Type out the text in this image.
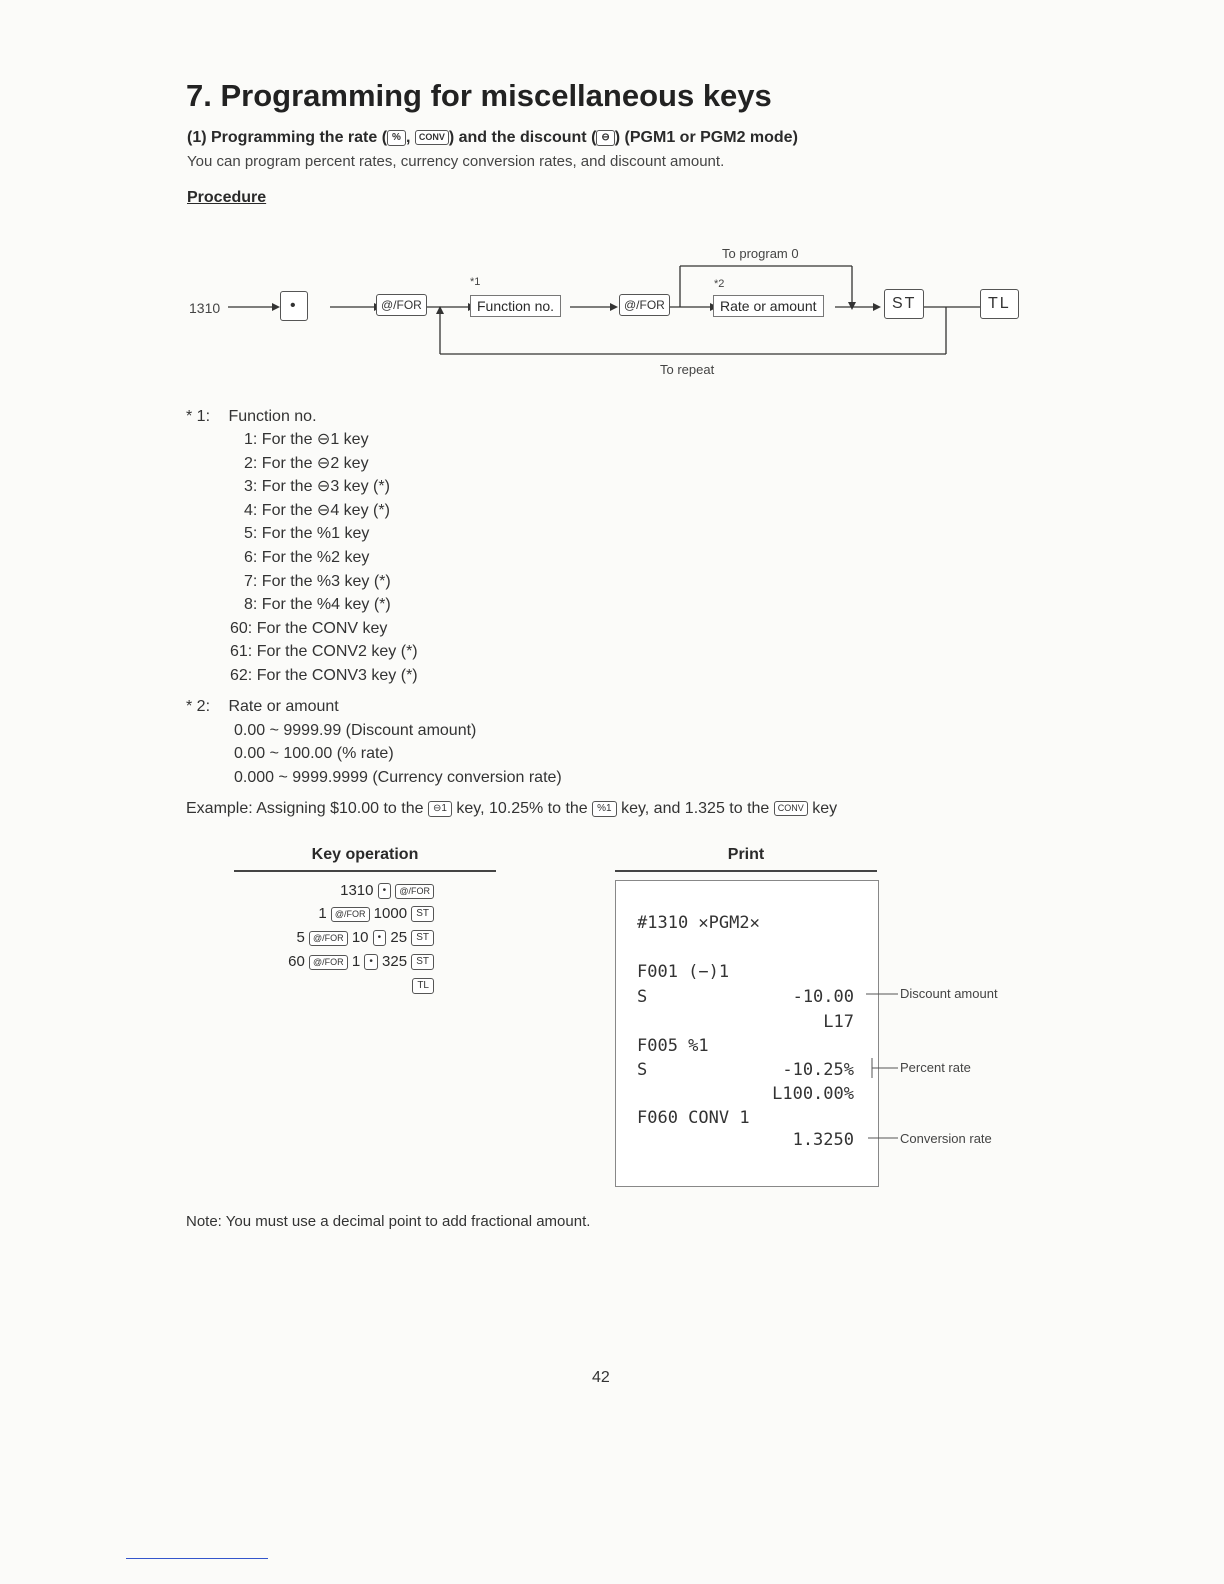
7. Programming for miscellaneous keys
(1) Programming the rate ( % , CONV ) and the discount ( ⊖ ) (PGM1 or PGM2 mode)
You can program percent rates, currency conversion rates, and discount amount.
Procedure
1310	•	@/FOR
*1
Function no.	@/FOR
*2
Rate or amount	ST	TL
To program 0
To repeat
* 1: Function no.
1: For the ⊖1 key
2: For the ⊖2 key
3: For the ⊖3 key (*)
4: For the ⊖4 key (*)
5: For the %1 key
6: For the %2 key
7: For the %3 key (*)
8: For the %4 key (*)
60: For the CONV key
61: For the CONV2 key (*)
62: For the CONV3 key (*)
* 2: Rate or amount
0.00 ~ 9999.99 (Discount amount)
0.00 ~ 100.00 (% rate)
0.000 ~ 9999.9999 (Currency conversion rate)
Example: Assigning $10.00 to the ⊖1 key, 10.25% to the %1 key, and 1.325 to the CONV key
Key operation
1310 • @/FOR
1 @/FOR 1000 ST
5 @/FOR 10 • 25 ST
60 @/FOR 1 • 325 ST
TL
Print
#1310 ✕PGM2✕
F001 (−)1
S	-10.00
L17
F005 %1
S	-10.25%
L100.00%
F060 CONV 1
1.3250
Discount amount
Percent rate
Conversion rate
Note: You must use a decimal point to add fractional amount.
42
